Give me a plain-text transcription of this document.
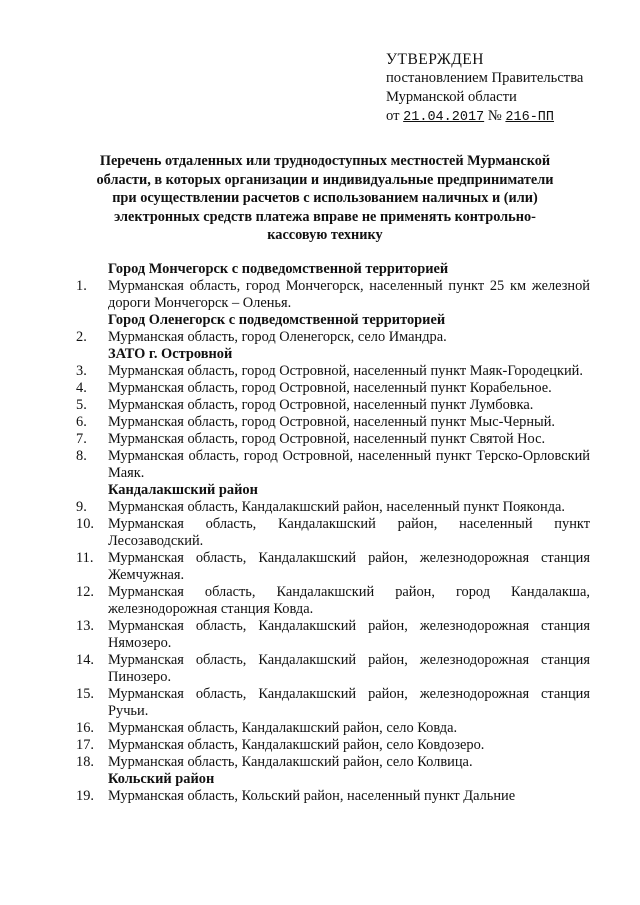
УТВЕРЖДЕН
постановлением Правительства
Мурманской области
от 21.04.2017 № 216-ПП
Перечень отдаленных или труднодоступных местностей Мурманской области, в которых организации и индивидуальные предприниматели при осуществлении расчетов с использованием наличных и (или) электронных средств платежа вправе не применять контрольно-кассовую технику
Город Мончегорск с подведомственной территорией
1.	Мурманская область, город Мончегорск, населенный пункт 25 км железной дороги Мончегорск – Оленья.
Город Оленегорск с подведомственной территорией
2.	Мурманская область, город Оленегорск, село Имандра.
ЗАТО г. Островной
3.	Мурманская область, город Островной, населенный пункт Маяк-Городецкий.
4.	Мурманская область, город Островной, населенный пункт Корабельное.
5.	Мурманская область, город Островной, населенный пункт Лумбовка.
6.	Мурманская область, город Островной, населенный пункт Мыс-Черный.
7.	Мурманская область, город Островной, населенный пункт Святой Нос.
8.	Мурманская область, город Островной, населенный пункт Терско-Орловский Маяк.
Кандалакшский район
9.	Мурманская область, Кандалакшский район, населенный пункт Пояконда.
10. Мурманская область, Кандалакшский район, населенный пункт Лесозаводский.
11.	Мурманская область, Кандалакшский район, железнодорожная станция Жемчужная.
12. Мурманская область, Кандалакшский район, город Кандалакша, железнодорожная станция Ковда.
13. Мурманская область, Кандалакшский район, железнодорожная станция Нямозеро.
14. Мурманская область, Кандалакшский район, железнодорожная станция Пинозеро.
15. Мурманская область, Кандалакшский район, железнодорожная станция Ручьи.
16. Мурманская область, Кандалакшский район, село Ковда.
17. Мурманская область, Кандалакшский район, село Ковдозеро.
18. Мурманская область, Кандалакшский район, село Колвица.
Кольский район
19. Мурманская область, Кольский район, населенный пункт Дальние
